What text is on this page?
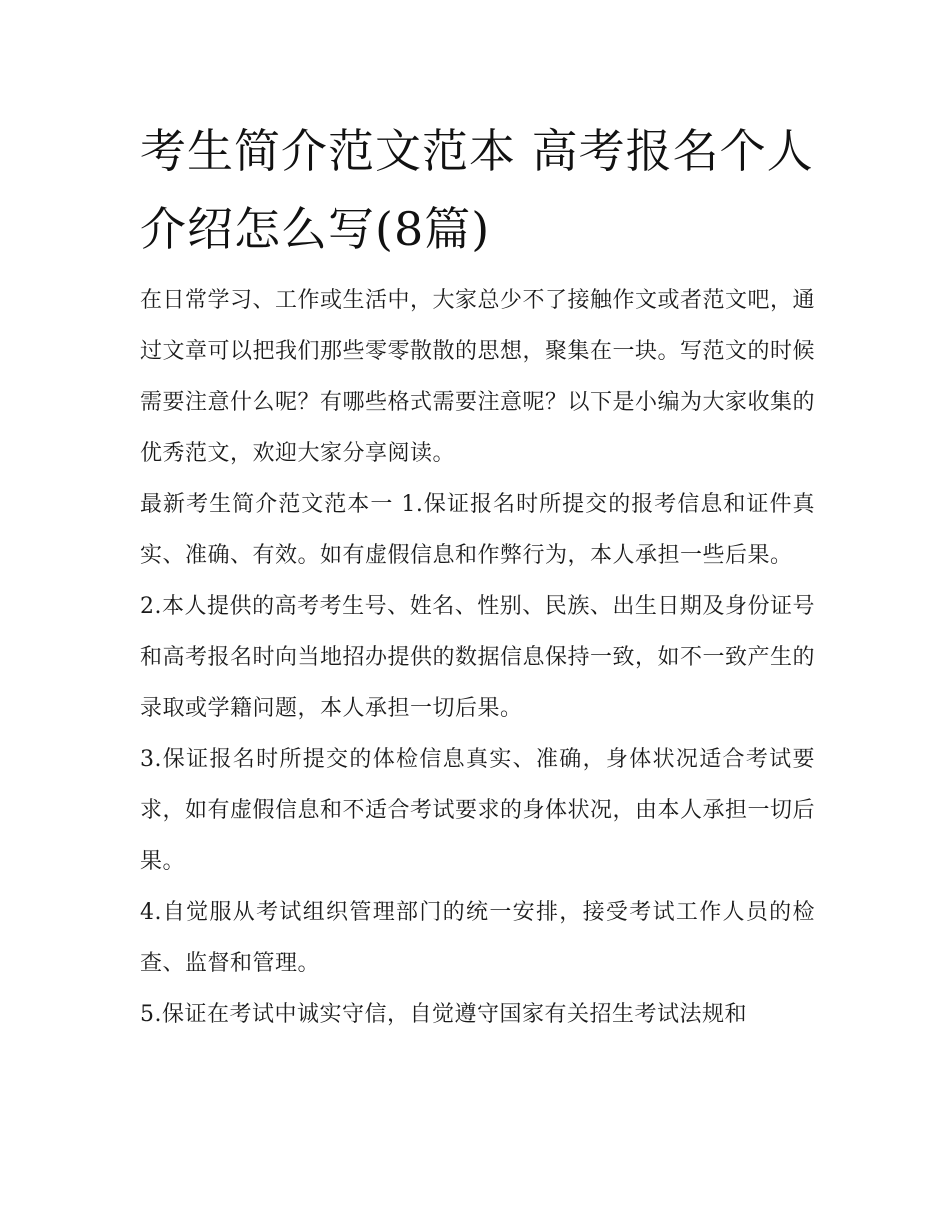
考生简介范文范本 高考报名个人介绍怎么写(8篇)

在日常学习、工作或生活中，大家总少不了接触作文或者范文吧，通过文章可以把我们那些零零散散的思想，聚集在一块。写范文的时候需要注意什么呢？有哪些格式需要注意呢？以下是小编为大家收集的优秀范文，欢迎大家分享阅读。

最新考生简介范文范本一 1.保证报名时所提交的报考信息和证件真实、准确、有效。如有虚假信息和作弊行为，本人承担一些后果。

2.本人提供的高考考生号、姓名、性别、民族、出生日期及身份证号和高考报名时向当地招办提供的数据信息保持一致，如不一致产生的录取或学籍问题，本人承担一切后果。

3.保证报名时所提交的体检信息真实、准确，身体状况适合考试要求，如有虚假信息和不适合考试要求的身体状况，由本人承担一切后果。

4.自觉服从考试组织管理部门的统一安排，接受考试工作人员的检查、监督和管理。

5.保证在考试中诚实守信，自觉遵守国家有关招生考试法规和
